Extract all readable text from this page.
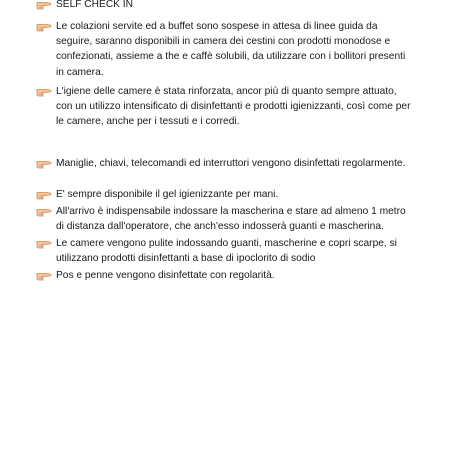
SELF CHECK IN

Le colazioni servite ed a buffet sono sospese in attesa di linee guida da seguire, saranno disponibili in camera dei cestini con prodotti monodose e confezionati, assieme a the e caffè solubili, da utilizzare con i bollitori presenti in camera.

L'igiene delle camere è stata rinforzata, ancor più di quanto sempre attuato, con un utilizzo intensificato di disinfettanti e prodotti igienizzanti, così come per le camere, anche per i tessuti e i corredi.

Maniglie, chiavi, telecomandi ed interruttori vengono disinfettati regolarmente.

E' sempre disponibile il gel igienizzante per mani.

All'arrivo è indispensabile indossare la mascherina e stare ad almeno 1 metro di distanza dall'operatore, che anch'esso indosserà guanti e mascherina.

Le camere vengono pulite indossando guanti, mascherine e copri scarpe, si utilizzano prodotti disinfettanti a base di ipoclorito di sodio

Pos e penne vengono disinfettate con regolarità.
